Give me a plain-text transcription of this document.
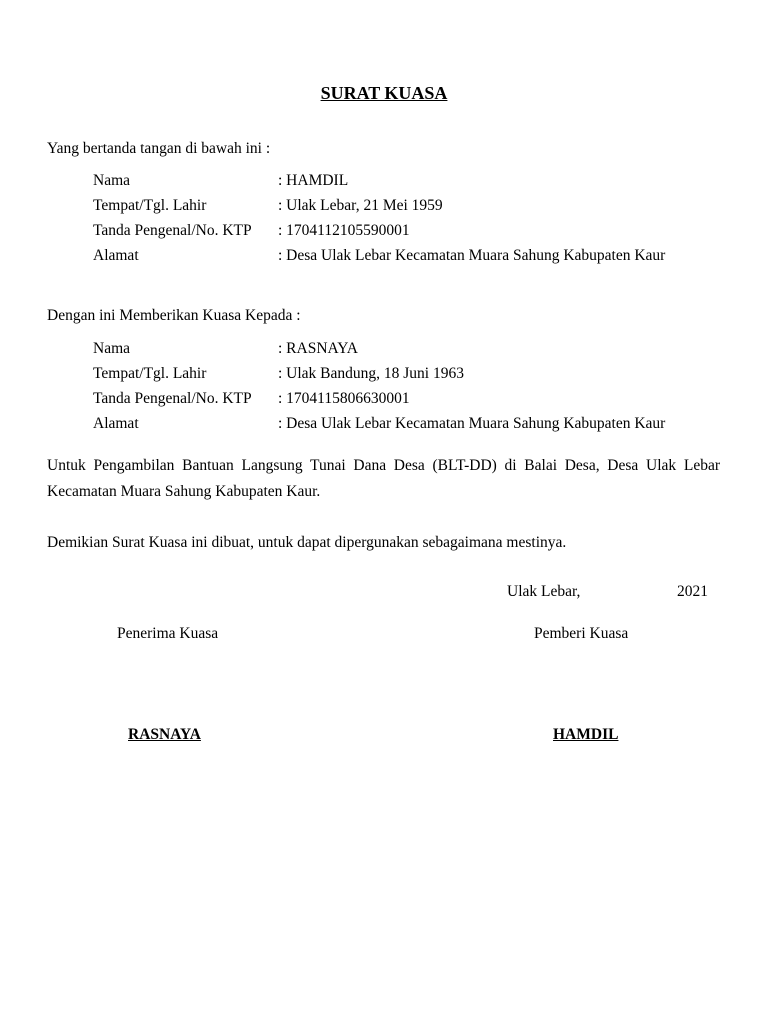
SURAT KUASA
Yang bertanda tangan di bawah ini :
Nama	: HAMDIL
Tempat/Tgl. Lahir	: Ulak Lebar, 21 Mei 1959
Tanda Pengenal/No. KTP	: 1704112105590001
Alamat	: Desa Ulak Lebar Kecamatan Muara Sahung Kabupaten Kaur
Dengan ini Memberikan Kuasa Kepada :
Nama	: RASNAYA
Tempat/Tgl. Lahir	: Ulak Bandung, 18 Juni 1963
Tanda Pengenal/No. KTP	: 1704115806630001
Alamat	: Desa Ulak Lebar Kecamatan Muara Sahung Kabupaten Kaur
Untuk Pengambilan Bantuan Langsung Tunai Dana Desa (BLT-DD) di Balai Desa, Desa Ulak Lebar Kecamatan Muara Sahung Kabupaten Kaur.
Demikian Surat Kuasa ini dibuat, untuk dapat dipergunakan sebagaimana mestinya.
Ulak Lebar,	2021
Penerima Kuasa	Pemberi Kuasa
RASNAYA	HAMDIL
